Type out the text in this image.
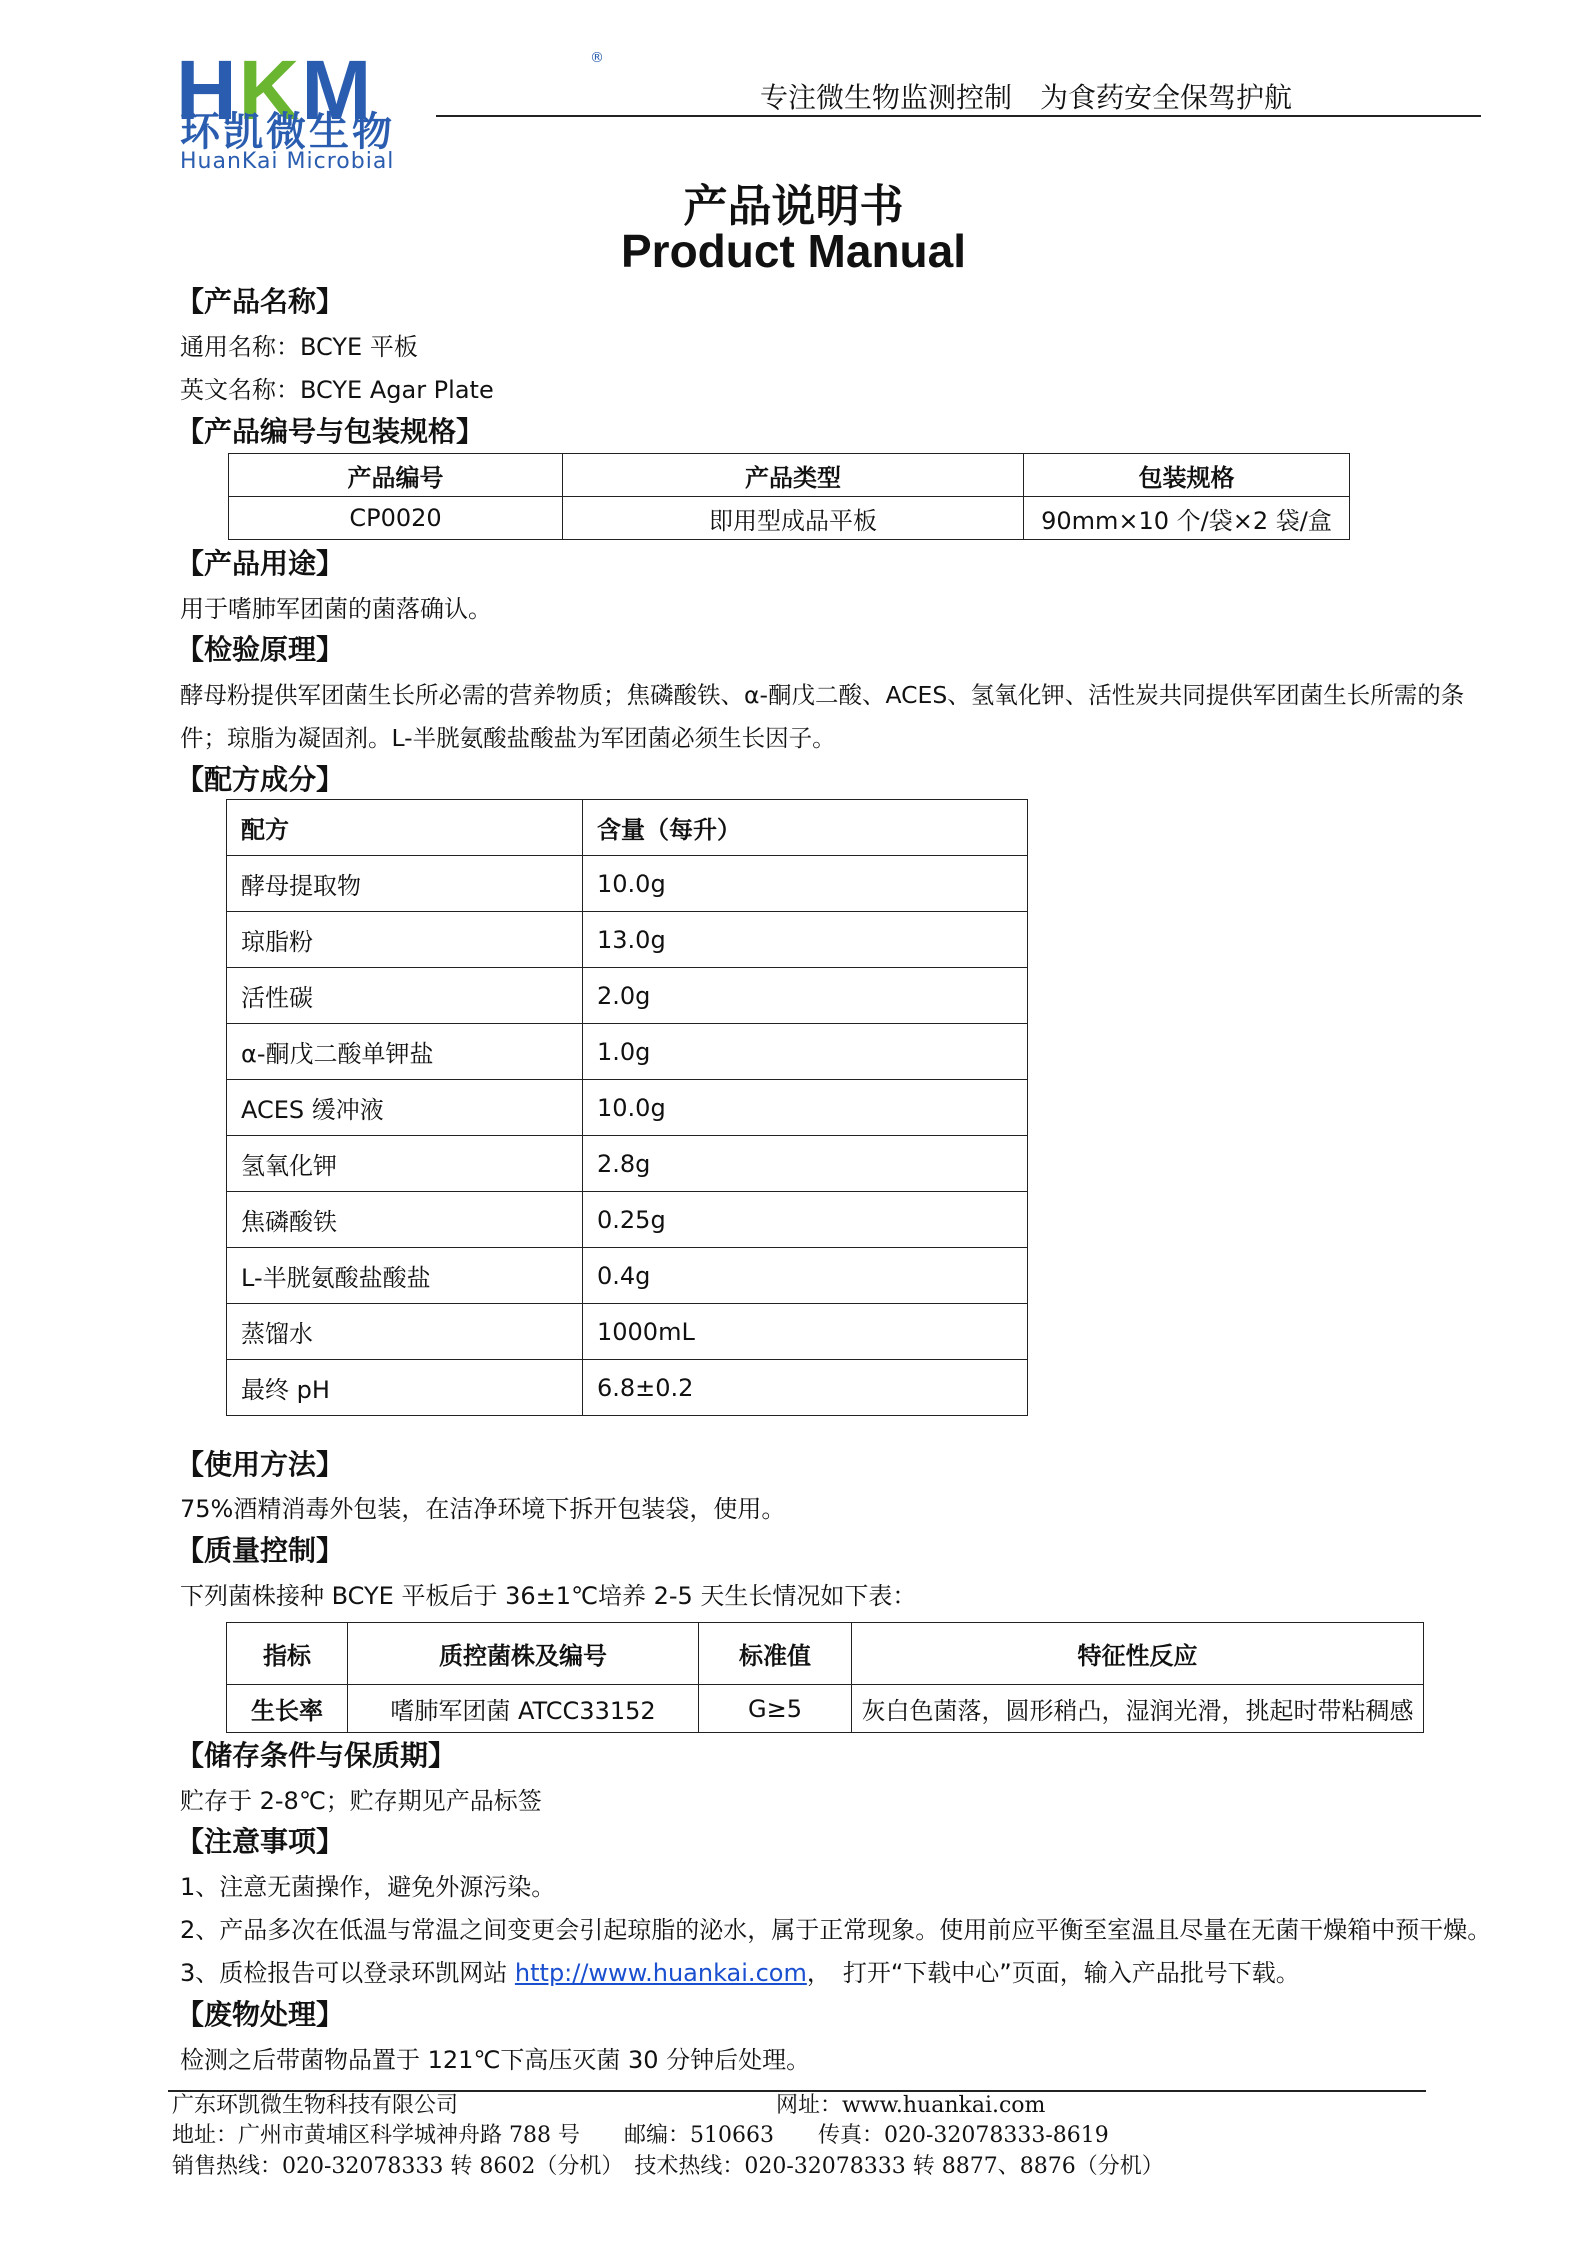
HKM	®
环凯微生物
HuanKai Microbial
专注微生物监测控制　为食药安全保驾护航
产品说明书
Product Manual
【产品名称】
通用名称：BCYE 平板
英文名称：BCYE Agar Plate
【产品编号与包装规格】
产品编号	产品类型	包装规格
CP0020	即用型成品平板	90mm×10 个/袋×2 袋/盒
【产品用途】
用于嗜肺军团菌的菌落确认。
【检验原理】
酵母粉提供军团菌生长所必需的营养物质；焦磷酸铁、α-酮戊二酸、ACES、氢氧化钾、活性炭共同提供军团菌生长所需的条
件；琼脂为凝固剂。L-半胱氨酸盐酸盐为军团菌必须生长因子。
【配方成分】
配方	含量（每升）
酵母提取物	10.0g
琼脂粉	13.0g
活性碳	2.0g
α-酮戊二酸单钾盐	1.0g
ACES 缓冲液	10.0g
氢氧化钾	2.8g
焦磷酸铁	0.25g
L-半胱氨酸盐酸盐	0.4g
蒸馏水	1000mL
最终 pH	6.8±0.2
【使用方法】
75%酒精消毒外包装，在洁净环境下拆开包装袋，使用。
【质量控制】
下列菌株接种 BCYE 平板后于 36±1℃培养 2-5 天生长情况如下表：
指标	质控菌株及编号	标准值	特征性反应
生长率	嗜肺军团菌 ATCC33152	G≥5	灰白色菌落，圆形稍凸，湿润光滑，挑起时带粘稠感
【储存条件与保质期】
贮存于 2-8℃；贮存期见产品标签
【注意事项】
1、注意无菌操作，避免外源污染。
2、产品多次在低温与常温之间变更会引起琼脂的泌水，属于正常现象。使用前应平衡至室温且尽量在无菌干燥箱中预干燥。
3、质检报告可以登录环凯网站 http://www.huankai.com，　打开“下载中心”页面，输入产品批号下载。
【废物处理】
检测之后带菌物品置于 121℃下高压灭菌 30 分钟后处理。
广东环凯微生物科技有限公司	网址：www.huankai.com
地址：广州市黄埔区科学城神舟路 788 号　　邮编：510663　　传真：020-32078333-8619
销售热线：020-32078333 转 8602（分机）　技术热线：020-32078333 转 8877、8876（分机）
